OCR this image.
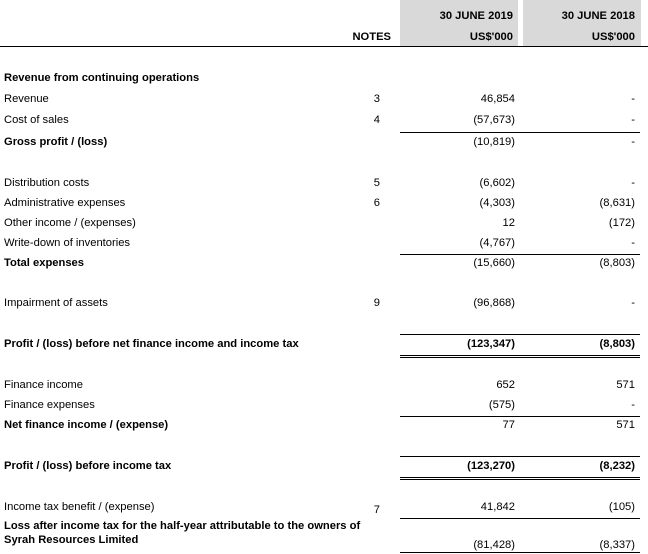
30 JUNE 2019
US$'000
30 JUNE 2018
US$'000
NOTES
Revenue from continuing operations
Revenue	3	46,854	-
Cost of sales	4	(57,673)	-
Gross profit / (loss)	(10,819)	-
Distribution costs	5	(6,602)	-
Administrative expenses	6	(4,303)	(8,631)
Other income / (expenses)	12	(172)
Write-down of inventories	(4,767)	-
Total expenses	(15,660)	(8,803)
Impairment of assets	9	(96,868)	-
Profit / (loss) before net finance income and income tax	(123,347)	(8,803)
Finance income	652	571
Finance expenses	(575)	-
Net finance income / (expense)	77	571
Profit / (loss) before income tax	(123,270)	(8,232)
Income tax benefit / (expense)	7	41,842	(105)
Loss after income tax for the half-year attributable to the owners of
Syrah Resources Limited	(81,428)	(8,337)
